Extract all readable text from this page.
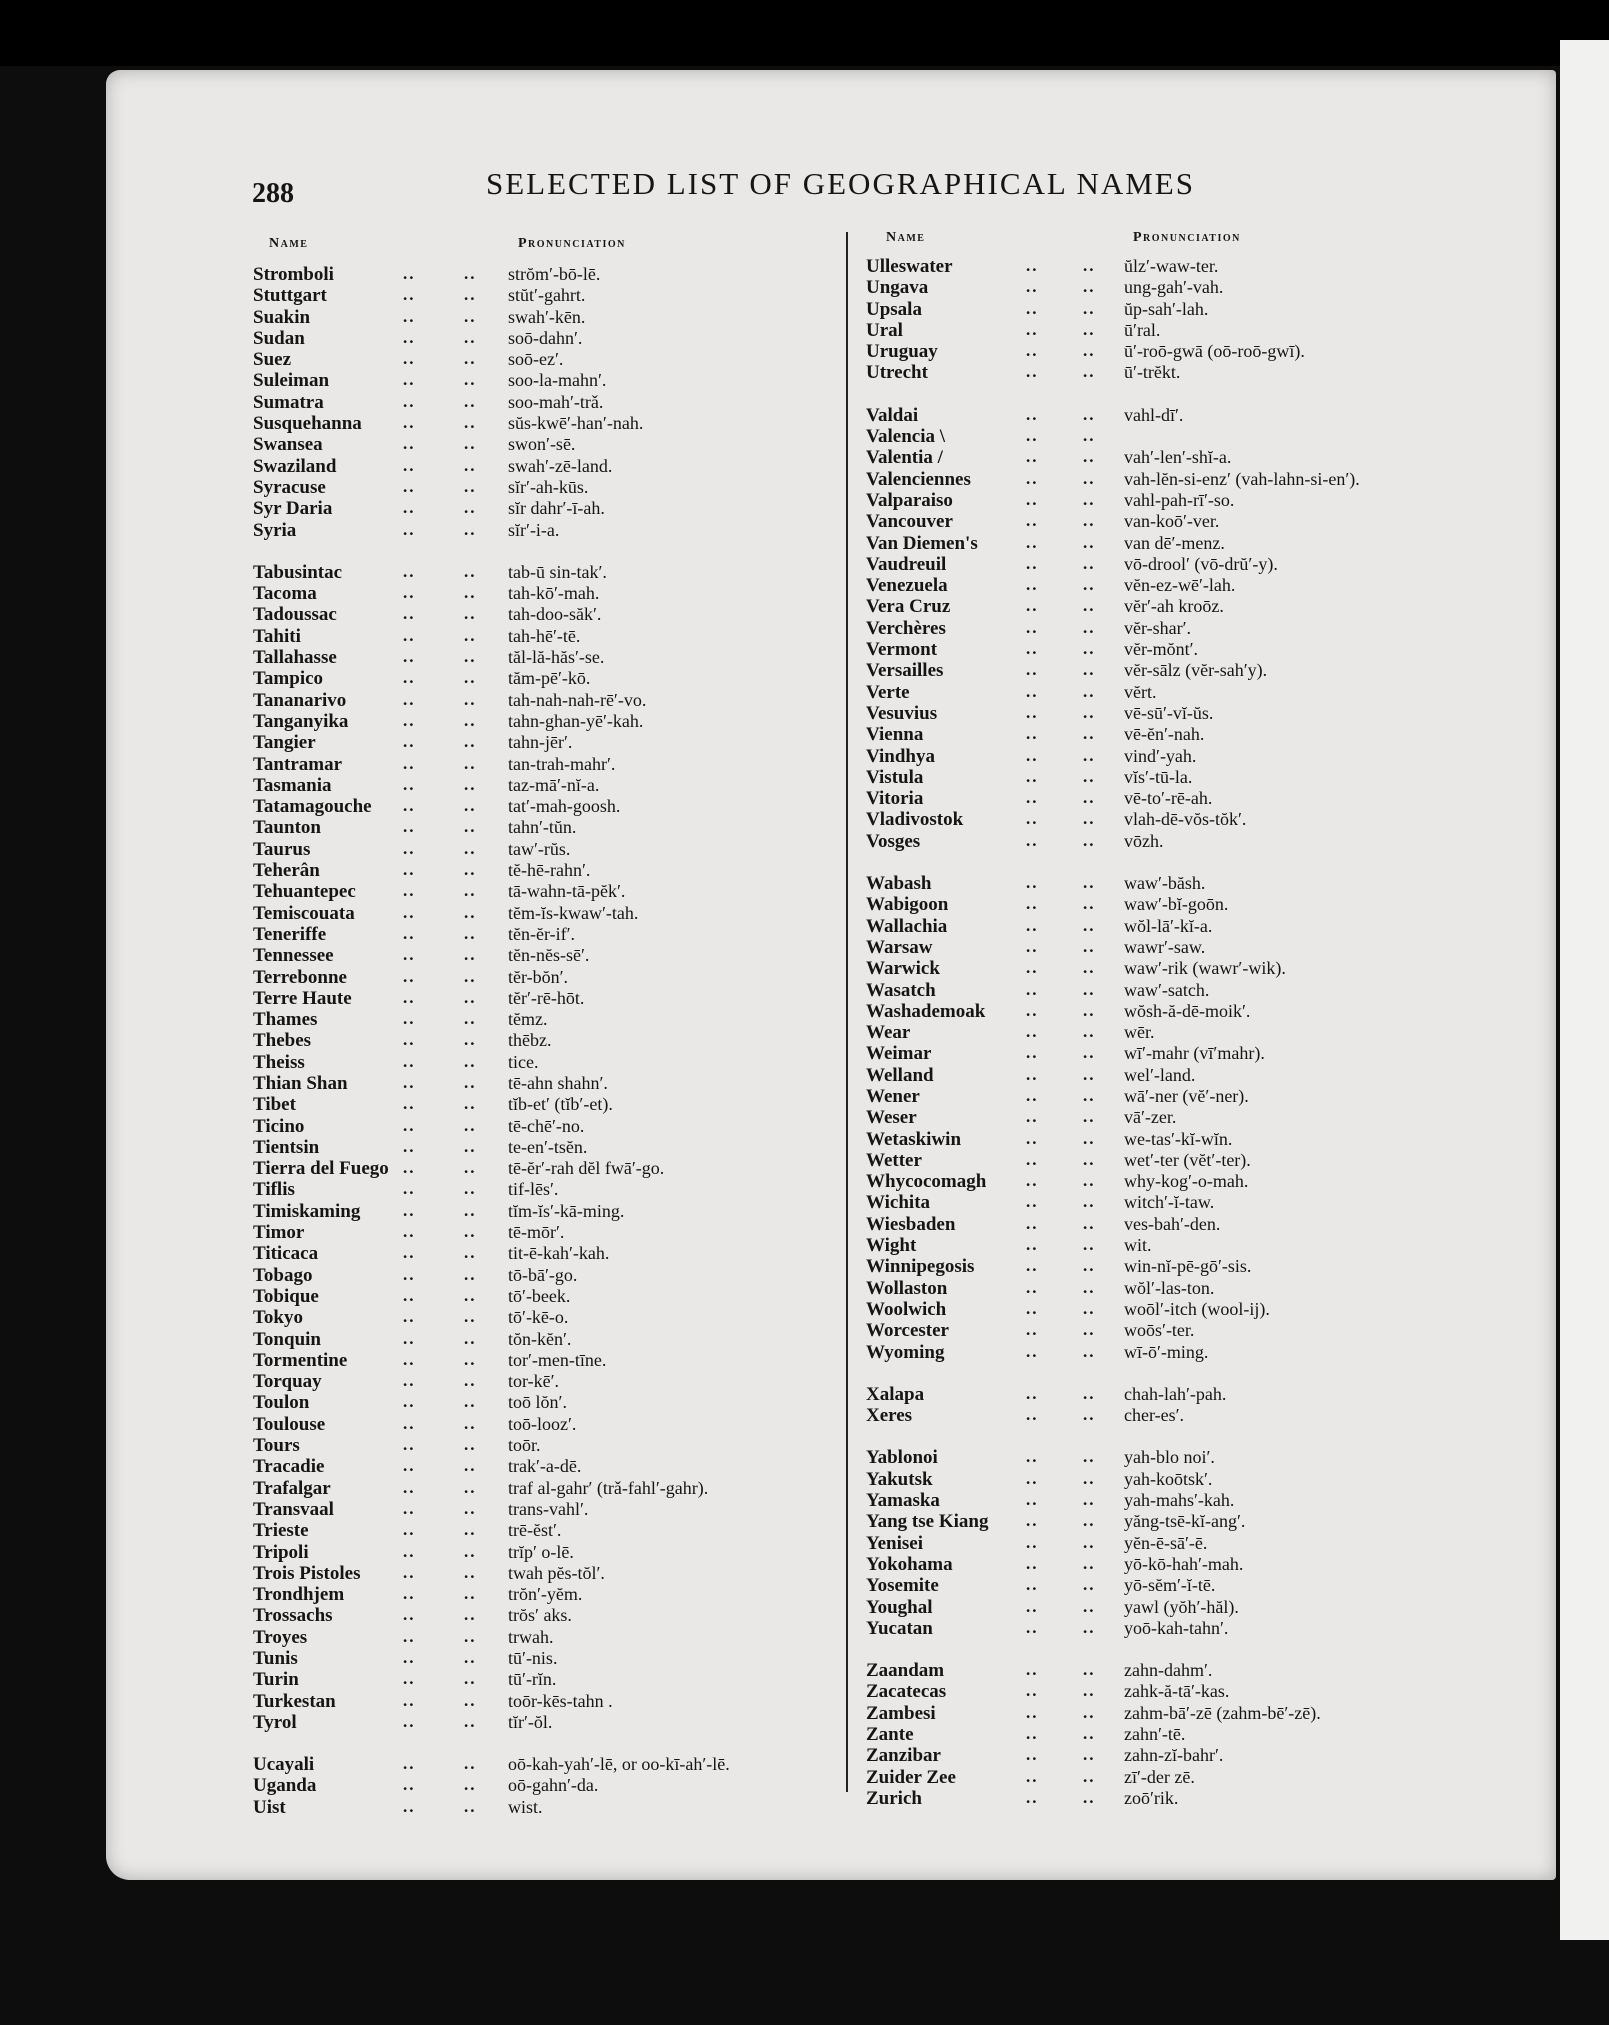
288	SELECTED LIST OF GEOGRAPHICAL NAMES
Name	Pronunciation
Stromboli	..	.. strŏm′-bō-lē.
Stuttgart	..	.. stŭt′-gahrt.
Suakin	..	.. swah′-kēn.
Sudan	..	.. soō-dahn′.
Suez	..	.. soō-ez′.
Suleiman	..	.. soo-la-mahn′.
Sumatra	..	.. soo-mah′-trǎ.
Susquehanna ..	.. sŭs-kwē′-han′-nah.
Swansea	..	.. swon′-sē.
Swaziland	..	.. swah′-zē-land.
Syracuse	..	.. sĭr′-ah-kūs.
Syr Daria	..	.. sĭr dahr′-ī-ah.
Syria	..	.. sĭr′-i-a.
Tabusintac	..	.. tab-ū sin-tak′.
Tacoma	..	.. tah-kō′-mah.
Tadoussac	..	.. tah-doo-săk′.
Tahiti	..	.. tah-hē′-tē.
Tallahasse	..	.. tăl-lă-hăs′-se.
Tampico	..	.. tăm-pē′-kō.
Tananarivo	..	.. tah-nah-nah-rē′-vo.
Tanganyika	..	.. tahn-ghan-yē′-kah.
Tangier	..	.. tahn-jēr′.
Tantramar	..	.. tan-trah-mahr′.
Tasmania	..	.. taz-mā′-nĭ-a.
Tatamagouche ..	.. tat′-mah-goosh.
Taunton	..	.. tahn′-tŭn.
Taurus	..	.. taw′-rŭs.
Teherân	..	.. tĕ-hē-rahn′.
Tehuantepec	..	.. tā-wahn-tā-pĕk′.
Temiscouata	..	.. tĕm-ĭs-kwaw′-tah.
Teneriffe	..	.. tĕn-ĕr-if′.
Tennessee	..	.. tĕn-nĕs-sē′.
Terrebonne	..	.. tĕr-bŏn′.
Terre Haute	..	.. tĕr′-rē-hōt.
Thames	..	.. tĕmz.
Thebes	..	.. thēbz.
Theiss	..	.. tice.
Thian Shan	..	.. tē-ahn shahn′.
Tibet	..	.. tĭb-et′ (tĭb′-et).
Ticino	..	.. tē-chē′-no.
Tientsin	..	.. te-en′-tsĕn.
Tierra del Fuego ..	.. tē-ĕr′-rah dĕl fwā′-go.
Tiflis	..	.. tif-lēs′.
Timiskaming	..	.. tĭm-ĭs′-kā-ming.
Timor	..	.. tē-mōr′.
Titicaca	..	.. tit-ē-kah′-kah.
Tobago	..	.. tō-bā′-go.
Tobique	..	.. tō′-beek.
Tokyo	..	.. tō′-kē-o.
Tonquin	..	.. tŏn-kĕn′.
Tormentine	..	.. tor′-men-tīne.
Torquay	..	.. tor-kē′.
Toulon	..	.. toō lŏn′.
Toulouse	..	.. toō-looz′.
Tours	..	.. toōr.
Tracadie	..	.. trak′-a-dē.
Trafalgar	..	.. traf al-gahr′ (trǎ-fahl′-gahr).
Transvaal	..	.. trans-vahl′.
Trieste	..	.. trē-ĕst′.
Tripoli	..	.. trĭp′ o-lē.
Trois Pistoles	..	.. twah pĕs-tŏl′.
Trondhjem	..	.. trŏn′-yĕm.
Trossachs	..	.. trŏs′ aks.
Troyes	..	.. trwah.
Tunis	..	.. tū′-nis.
Turin	..	.. tū′-rĭn.
Turkestan	..	.. toōr-kēs-tahn .
Tyrol	..	.. tĭr′-ŏl.
Ucayali	..	.. oō-kah-yah′-lē, or oo-kī-ah′-lē.
Uganda	..	.. oō-gahn′-da.
Uist	..	.. wist.
Name	Pronunciation
Ulleswater	..	.. ŭlz′-waw-ter.
Ungava	..	.. ung-gah′-vah.
Upsala	..	.. ŭp-sah′-lah.
Ural	..	.. ū′ral.
Uruguay	..	.. ū′-roō-gwā (oō-roō-gwī).
Utrecht	..	.. ū′-trĕkt.
Valdai	..	.. vahl-dī′.
Valencia \	..	..
Valentia /	..	.. vah′-len′-shĭ-a.
Valenciennes	..	.. vah-lĕn-si-enz′ (vah-lahn-si-en′).
Valparaiso	..	.. vahl-pah-rī′-so.
Vancouver	..	.. van-koō′-ver.
Van Diemen's	..	.. van dē′-menz.
Vaudreuil	..	.. vō-drool′ (vō-drŭ′-y).
Venezuela	..	.. vĕn-ez-wē′-lah.
Vera Cruz	..	.. vĕr′-ah kroōz.
Verchères	..	.. vĕr-shar′.
Vermont	..	.. vĕr-mŏnt′.
Versailles	..	.. vĕr-sālz (vĕr-sah′y).
Verte	..	.. vĕrt.
Vesuvius	..	.. vē-sū′-vĭ-ŭs.
Vienna	..	.. vē-ĕn′-nah.
Vindhya	..	.. vind′-yah.
Vistula	..	.. vĭs′-tū-la.
Vitoria	..	.. vē-to′-rē-ah.
Vladivostok	..	.. vlah-dē-vŏs-tŏk′.
Vosges	..	.. vōzh.
Wabash	..	.. waw′-băsh.
Wabigoon	..	.. waw′-bĭ-goōn.
Wallachia	..	.. wŏl-lā′-kĭ-a.
Warsaw	..	.. wawr′-saw.
Warwick	..	.. waw′-rik (wawr′-wik).
Wasatch	..	.. waw′-satch.
Washademoak ..	.. wŏsh-ă-dē-moik′.
Wear	..	.. wēr.
Weimar	..	.. wī′-mahr (vī′mahr).
Welland	..	.. wel′-land.
Wener	..	.. wā′-ner (vĕ′-ner).
Weser	..	.. vā′-zer.
Wetaskiwin	..	.. we-tas′-kĭ-wĭn.
Wetter	..	.. wet′-ter (vĕt′-ter).
Whycocomagh ..	.. why-kog′-o-mah.
Wichita	..	.. witch′-ĭ-taw.
Wiesbaden	..	.. ves-bah′-den.
Wight	..	.. wit.
Winnipegosis	..	.. win-nĭ-pē-gō′-sis.
Wollaston	..	.. wŏl′-las-ton.
Woolwich	..	.. woōl′-itch (wool-ij).
Worcester	..	.. woōs′-ter.
Wyoming	..	.. wī-ō′-ming.
Xalapa	..	.. chah-lah′-pah.
Xeres	..	.. cher-es′.
Yablonoi	..	.. yah-blo noi′.
Yakutsk	..	.. yah-koōtsk′.
Yamaska	..	.. yah-mahs′-kah.
Yang tse Kiang ..	.. yăng-tsē-kĭ-ang′.
Yenisei	..	.. yĕn-ē-sā′-ē.
Yokohama	..	.. yō-kō-hah′-mah.
Yosemite	..	.. yō-sĕm′-ĭ-tē.
Youghal	..	.. yawl (yŏh′-hăl).
Yucatan	..	.. yoō-kah-tahn′.
Zaandam	..	.. zahn-dahm′.
Zacatecas	..	.. zahk-ă-tā′-kas.
Zambesi	..	.. zahm-bā′-zē (zahm-bē′-zē).
Zante	..	.. zahn′-tē.
Zanzibar	..	.. zahn-zĭ-bahr′.
Zuider Zee	..	.. zī′-der zē.
Zurich	..	.. zoō′rik.
